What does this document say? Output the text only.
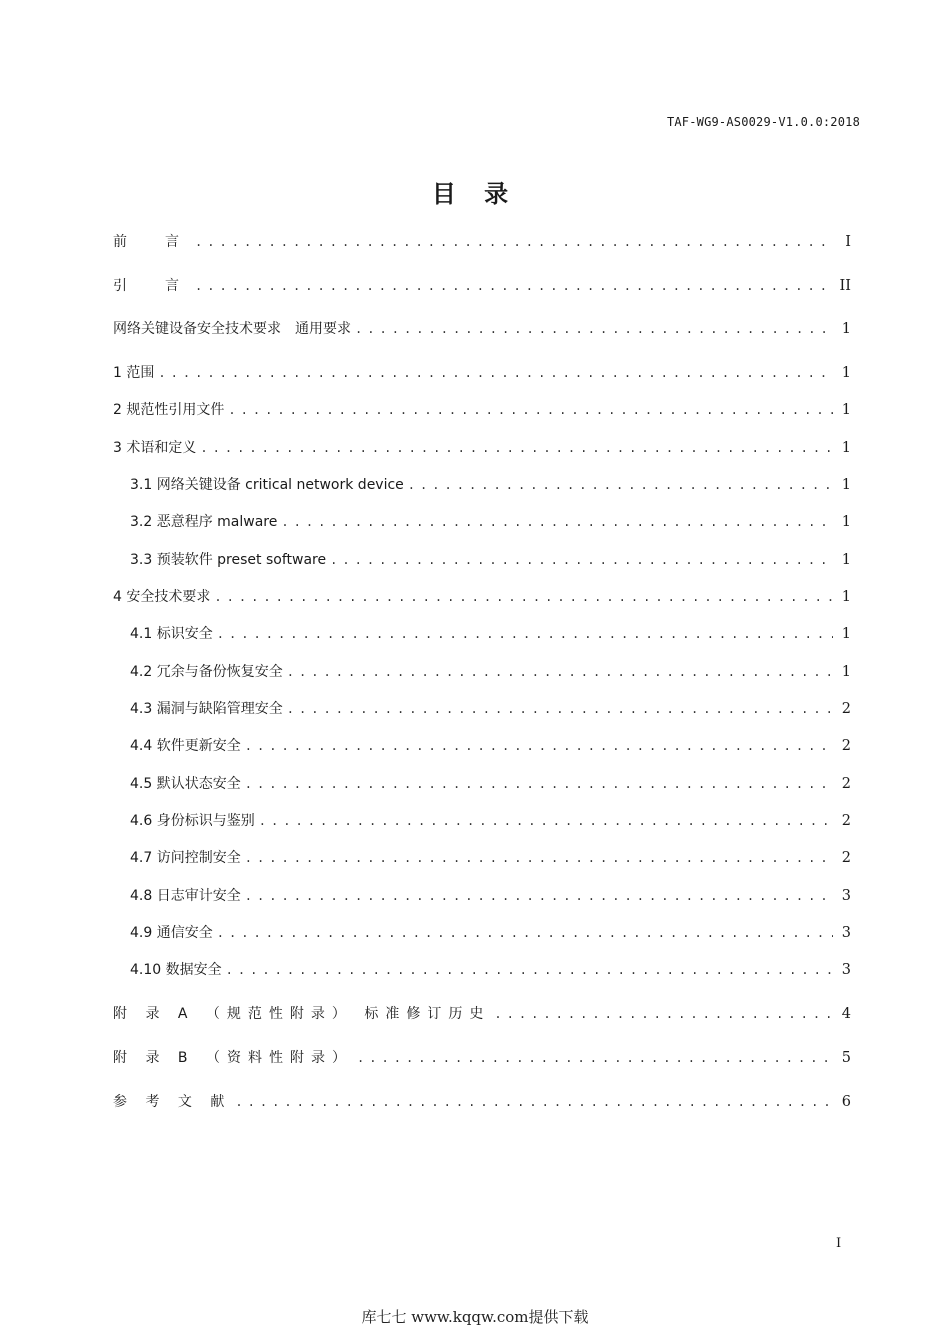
TAF-WG9-AS0029-V1.0.0:2018
目 录
前　言 . . .	I
引　言 . . .	II
网络关键设备安全技术要求　通用要求 . . .	1
1 范围 . . .	1
2 规范性引用文件 . . .	1
3 术语和定义 . . .	1
3.1 网络关键设备 critical network device . . .	1
3.2 恶意程序 malware . . .	1
3.3 预装软件 preset software . . .	1
4 安全技术要求 . . .	1
4.1 标识安全 . . .	1
4.2 冗余与备份恢复安全 . . .	1
4.3 漏洞与缺陷管理安全 . . .	2
4.4 软件更新安全 . . .	2
4.5 默认状态安全 . . .	2
4.6 身份标识与鉴别 . . .	2
4.7 访问控制安全 . . .	2
4.8 日志审计安全 . . .	3
4.9 通信安全 . . .	3
4.10 数据安全 . . .	3
附 录 A （规范性附录） 标准修订历史 . . .	4
附 录 B （资料性附录） . . .	5
参 考 文 献 . . .	6
I
库七七 www.kqqw.com提供下载
